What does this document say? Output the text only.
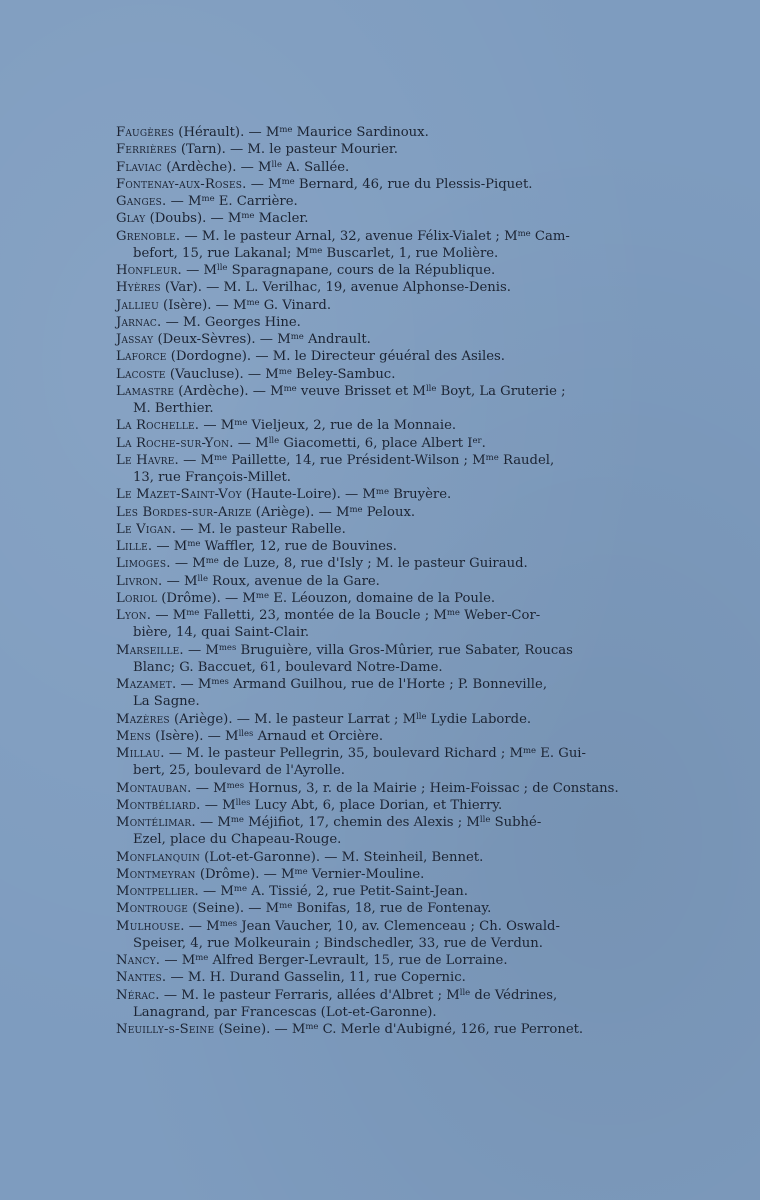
Faugères (Hérault). — $M^{me}$ Maurice Sardinoux.
Ferrières (Tarn). — M. le pasteur Mourier.
Flaviac (Ardèche). — $M^{lle}$ A. Sallée.
Fontenay-aux-Roses. — $M^{me}$ Bernard, 46, rue du Plessis-Piquet.
Ganges. — $M^{me}$ E. Carrière.
Glay (Doubs). — $M^{me}$ Macler.
Grenoble. — M. le pasteur Arnal, 32, avenue Félix-Vialet ; $M^{me}$ Cam-
befort, 15, rue Lakanal; $M^{me}$ Buscarlet, 1, rue Molière.
Honfleur. — $M^{lle}$ Sparagnapane, cours de la République.
Hyères (Var). — M. L. Verilhac, 19, avenue Alphonse-Denis.
Jallieu (Isère). — $M^{me}$ G. Vinard.
Jarnac. — M. Georges Hine.
Jassay (Deux-Sèvres). — $M^{me}$ Andrault.
Laforce (Dordogne). — M. le Directeur géuéral des Asiles.
Lacoste (Vaucluse). — $M^{me}$ Beley-Sambuc.
Lamastre (Ardèche). — $M^{me}$ veuve Brisset et $M^{lle}$ Boyt, La Gruterie ;
M. Berthier.
La Rochelle. — $M^{me}$ Vieljeux, 2, rue de la Monnaie.
La Roche-sur-Yon. — $M^{lle}$ Giacometti, 6, place Albert Ier.
Le Havre. — $M^{me}$ Paillette, 14, rue Président-Wilson ; $M^{me}$ Raudel,
13, rue François-Millet.
Le Mazet-Saint-Voy (Haute-Loire). — $M^{me}$ Bruyère.
Les Bordes-sur-Arize (Ariège). — $M^{me}$ Peloux.
Le Vigan. — M. le pasteur Rabelle.
Lille. — $M^{me}$ Waffler, 12, rue de Bouvines.
Limoges. — $M^{me}$ de Luze, 8, rue d'Isly ; M. le pasteur Guiraud.
Livron. — $M^{lle}$ Roux, avenue de la Gare.
Loriol (Drôme). — $M^{me}$ E. Léouzon, domaine de la Poule.
Lyon. — $M^{me}$ Falletti, 23, montée de la Boucle ; $M^{me}$ Weber-Cor-
bière, 14, quai Saint-Clair.
Marseille. — $M^{mes}$ Bruguière, villa Gros-Mûrier, rue Sabater, Roucas
Blanc; G. Baccuet, 61, boulevard Notre-Dame.
Mazamet. — $M^{mes}$ Armand Guilhou, rue de l'Horte ; P. Bonneville,
La Sagne.
Mazères (Ariège). — M. le pasteur Larrat ; $M^{lle}$ Lydie Laborde.
Mens (Isère). — $M^{lles}$ Arnaud et Orcière.
Millau. — M. le pasteur Pellegrin, 35, boulevard Richard ; $M^{me}$ E. Gui-
bert, 25, boulevard de l'Ayrolle.
Montauban. — $M^{mes}$ Hornus, 3, r. de la Mairie ; Heim-Foissac ; de Constans.
Montbéliard. — $M^{lles}$ Lucy Abt, 6, place Dorian, et Thierry.
Montélimar. — $M^{me}$ Méjifiot, 17, chemin des Alexis ; $M^{lle}$ Subhé-
Ezel, place du Chapeau-Rouge.
Monflanquin (Lot-et-Garonne). — M. Steinheil, Bennet.
Montmeyran (Drôme). — $M^{me}$ Vernier-Mouline.
Montpellier. — $M^{me}$ A. Tissié, 2, rue Petit-Saint-Jean.
Montrouge (Seine). — $M^{me}$ Bonifas, 18, rue de Fontenay.
Mulhouse. — $M^{mes}$ Jean Vaucher, 10, av. Clemenceau ; Ch. Oswald-
Speiser, 4, rue Molkeurain ; Bindschedler, 33, rue de Verdun.
Nancy. — $M^{me}$ Alfred Berger-Levrault, 15, rue de Lorraine.
Nantes. — M. H. Durand Gasselin, 11, rue Copernic.
Nérac. — M. le pasteur Ferraris, allées d'Albret ; $M^{lle}$ de Védrines,
Lanagrand, par Francescas (Lot-et-Garonne).
Neuilly-s-Seine (Seine). — $M^{me}$ C. Merle d'Aubigné, 126, rue Perronet.
